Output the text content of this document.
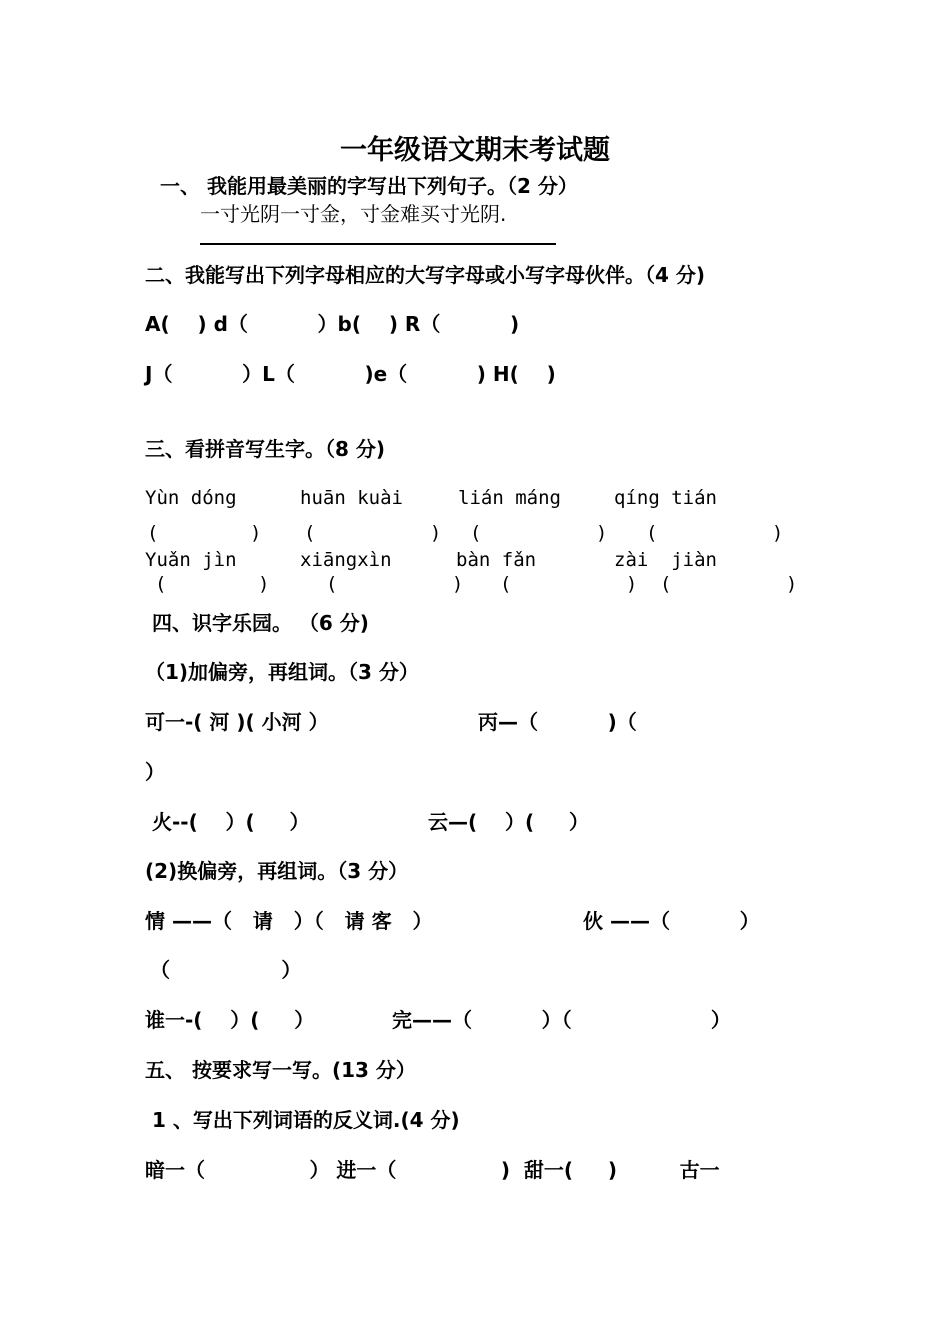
一年级语文期末考试题
一、 我能用最美丽的字写出下列句子。（2 分）
一寸光阴一寸金，寸金难买寸光阴.
二、我能写出下列字母相应的大写字母或小写字母伙伴。（4 分)
A(    ) d（          ）b(    ) R（          )
J（          ）L（          )e（          ) H(    )
三、看拼音写生字。（8 分)
Yùn dóng	huān kuài	lián máng	qíng tián
(        ) (          ) (          ) (          )
Yuǎn jìn	xiāngxìn	bàn fǎn	zài  jiàn
(        )	(          ) (          ) (          )
四、识字乐园。 （6 分)
（1)加偏旁，再组词。（3 分）
可一-( 河 )( 小河 ）	丙—（          )（
）
火--(    ）(     ）	云—(    ）(     ）
(2)换偏旁，再组词。（3 分）
情 ——（   请   ）（   请 客   ）	伙 ——（          ）
（                ）
谁一-(    ）(     ）	完——（          ）（                    ）
五、 按要求写一写。(13 分）
1 、写出下列词语的反义词.(4 分)
暗一（               ） 进一（               )  甜一(     )         古一
